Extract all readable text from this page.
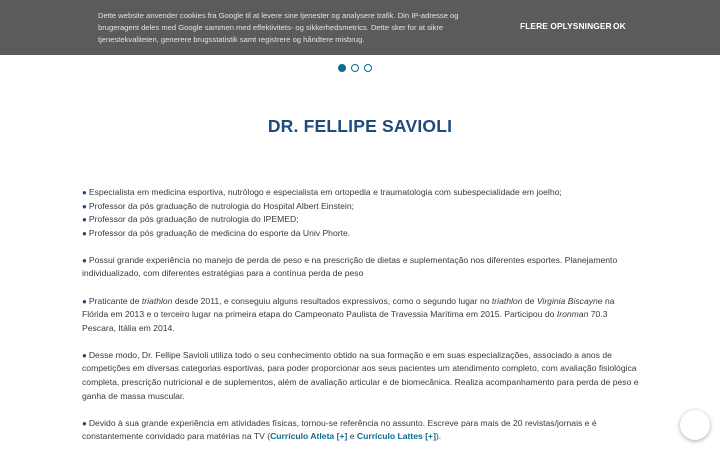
Dette website anvender cookies fra Google til at levere sine tjenester og analysere trafik. Din IP-adresse og brugeragent deles med Google sammen med effektivitets- og sikkerhedsmetrics. Dette sker for at sikre tjenestekvaliteten, generere brugsstatistik samt registrere og håndtere misbrug.
FLERE OPLYSNINGER OK
DR. FELLIPE SAVIOLI
● Especialista em medicina esportiva, nutrólogo e especialista em ortopedia e traumatologia com subespecialidade em joelho;
● Professor da pós graduação de nutrologia do Hospital Albert Einstein;
● Professor da pós graduação de nutrologia do IPEMED;
● Professor da pós graduação de medicina do esporte da Univ Phorte.
● Possui grande experiência no manejo de perda de peso e na prescrição de dietas e suplementação nos diferentes esportes. Planejamento individualizado, com diferentes estratégias para a contínua perda de peso
● Praticante de triathlon desde 2011, e conseguiu alguns resultados expressivos, como o segundo lugar no triathlon de Virginia Biscayne na Flórida em 2013 e o terceiro lugar na primeira etapa do Campeonato Paulista de Travessia Marítima em 2015. Participou do Ironman 70.3 Pescara, Itália em 2014.
● Desse modo, Dr. Fellipe Savioli utiliza todo o seu conhecimento obtido na sua formação e em suas especializações, associado a anos de competições em diversas categorias esportivas, para poder proporcionar aos seus pacientes um atendimento completo, com avaliação fisiológica completa, prescrição nutricional e de suplementos, além de avaliação articular e de biomecânica. Realiza acompanhamento para perda de peso e ganha de massa muscular.
● Devido à sua grande experiência em atividades físicas, tornou-se referência no assunto. Escreve para mais de 20 revistas/jornais e é constantemente convidado para matérias na TV (Currículo Atleta [+] e Currículo Lattes [+]).
